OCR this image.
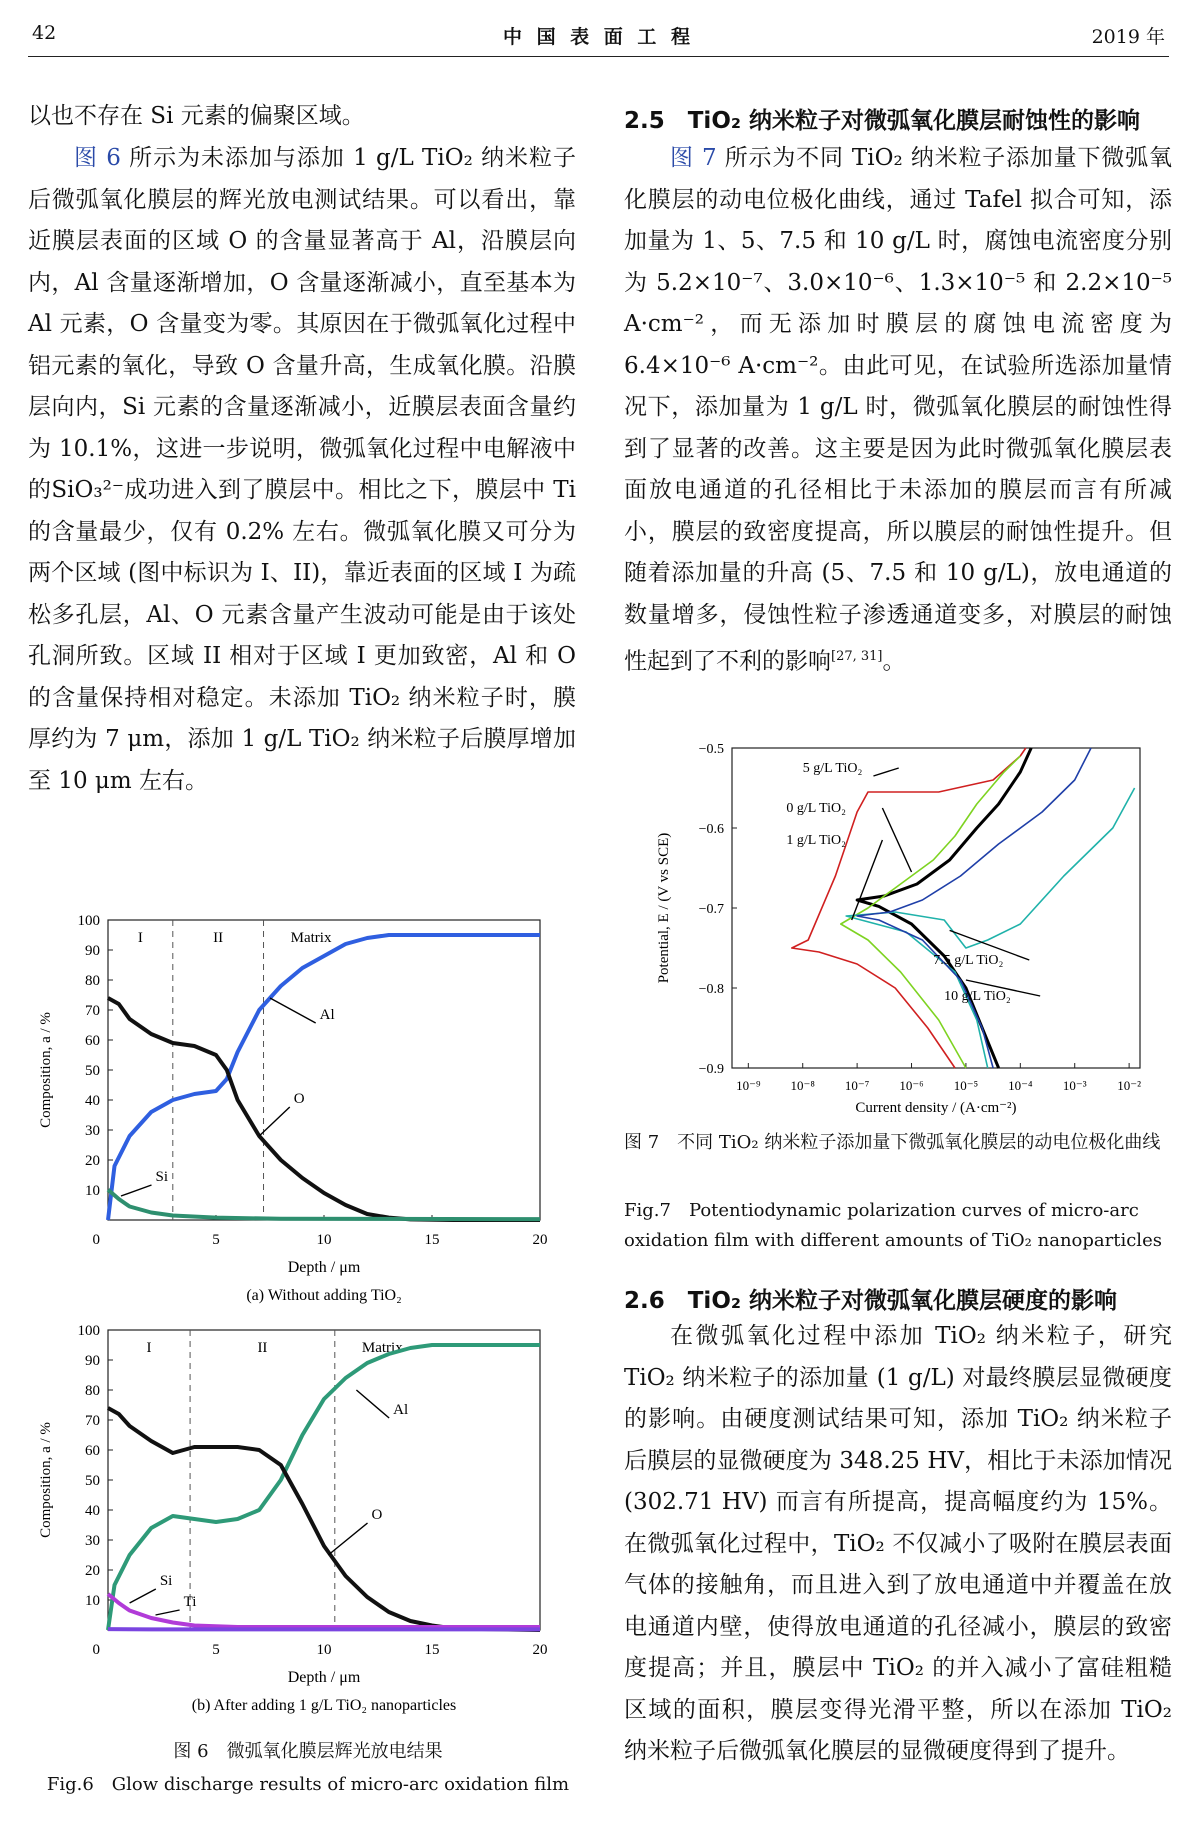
42	中 国 表 面 工 程	2019 年

以也不存在 Si 元素的偏聚区域。

图 6 所示为未添加与添加 1 g/L TiO₂ 纳米粒子后微弧氧化膜层的辉光放电测试结果。可以看出，靠近膜层表面的区域 O 的含量显著高于 Al，沿膜层向内，Al 含量逐渐增加，O 含量逐渐减小，直至基本为 Al 元素，O 含量变为零。其原因在于微弧氧化过程中铝元素的氧化，导致 O 含量升高，生成氧化膜。沿膜层向内，Si 元素的含量逐渐减小，近膜层表面含量约为 10.1%，这进一步说明，微弧氧化过程中电解液中的SiO₃²⁻成功进入到了膜层中。相比之下，膜层中 Ti 的含量最少，仅有 0.2% 左右。微弧氧化膜又可分为两个区域 (图中标识为 I、II)，靠近表面的区域 I 为疏松多孔层，Al、O 元素含量产生波动可能是由于该处孔洞所致。区域 II 相对于区域 I 更加致密，Al 和 O 的含量保持相对稳定。未添加 TiO₂ 纳米粒子时，膜厚约为 7 μm，添加 1 g/L TiO₂ 纳米粒子后膜厚增加至 10 μm 左右。

10
20
30
40
50
60
70
80
90
100
5	10	15	20
0
I	II	Matrix
Al
O
Si
Composition, a / %
Depth / μm
(a) Without adding TiO₂
10
20
30
40
50
60
70
80
90
100
5	10	15	20
0
I	II	Matrix
Al
O
Si
Ti
Composition, a / %
Depth / μm
(b) After adding 1 g/L TiO₂ nanoparticles

图 6　微弧氧化膜层辉光放电结果

Fig.6　Glow discharge results of micro-arc oxidation film

2.5　TiO₂ 纳米粒子对微弧氧化膜层耐蚀性的影响

图 7 所示为不同 TiO₂ 纳米粒子添加量下微弧氧化膜层的动电位极化曲线，通过 Tafel 拟合可知，添加量为 1、5、7.5 和 10 g/L 时，腐蚀电流密度分别为 5.2×10⁻⁷、3.0×10⁻⁶、1.3×10⁻⁵ 和 2.2×10⁻⁵ A·cm⁻²，而无添加时膜层的腐蚀电流密度为 6.4×10⁻⁶ A·cm⁻²。由此可见，在试验所选添加量情况下，添加量为 1 g/L 时，微弧氧化膜层的耐蚀性得到了显著的改善。这主要是因为此时微弧氧化膜层表面放电通道的孔径相比于未添加的膜层而言有所减小，膜层的致密度提高，所以膜层的耐蚀性提升。但随着添加量的升高 (5、7.5 和 10 g/L)，放电通道的数量增多，侵蚀性粒子渗透通道变多，对膜层的耐蚀性起到了不利的影响[27, 31]。

−0.5
−0.6
−0.7
−0.8
−0.9
10⁻⁹ 10⁻⁸ 10⁻⁷ 10⁻⁶ 10⁻⁵ 10⁻⁴ 10⁻³ 10⁻²
5 g/L TiO₂
0 g/L TiO₂
1 g/L TiO₂
7.5 g/L TiO₂
10 g/L TiO₂
Potential, E / (V vs SCE)
Current density / (A·cm⁻²)

图 7　不同 TiO₂ 纳米粒子添加量下微弧氧化膜层的动电位极化曲线

Fig.7　Potentiodynamic polarization curves of micro-arc oxidation film with different amounts of TiO₂ nanoparticles

2.6　TiO₂ 纳米粒子对微弧氧化膜层硬度的影响

在微弧氧化过程中添加 TiO₂ 纳米粒子，研究 TiO₂ 纳米粒子的添加量 (1 g/L) 对最终膜层显微硬度的影响。由硬度测试结果可知，添加 TiO₂ 纳米粒子后膜层的显微硬度为 348.25 HV，相比于未添加情况 (302.71 HV) 而言有所提高，提高幅度约为 15%。在微弧氧化过程中，TiO₂ 不仅减小了吸附在膜层表面气体的接触角，而且进入到了放电通道中并覆盖在放电通道内壁，使得放电通道的孔径减小，膜层的致密度提高；并且，膜层中 TiO₂ 的并入减小了富硅粗糙区域的面积，膜层变得光滑平整，所以在添加 TiO₂ 纳米粒子后微弧氧化膜层的显微硬度得到了提升。
